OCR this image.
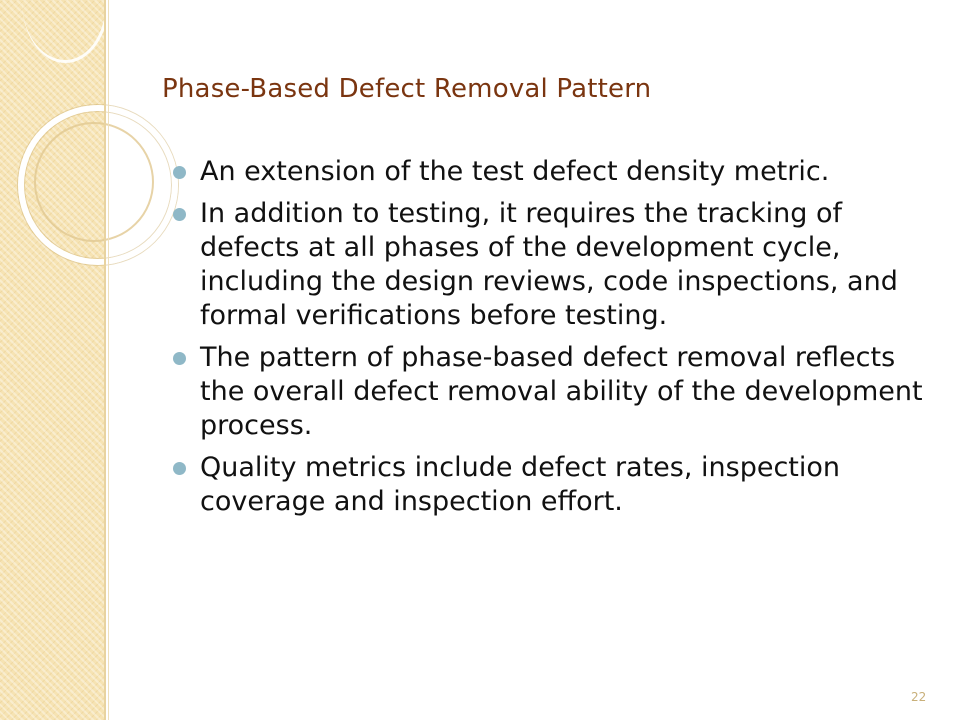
Phase-Based Defect Removal Pattern
An extension of the test defect density metric.
In addition to testing, it requires the tracking of defects at all phases of the development cycle, including the design reviews, code inspections, and formal verifications before testing.
The pattern of phase-based defect removal reflects the overall defect removal ability of the development process.
Quality metrics include defect rates, inspection coverage and inspection effort.
22
